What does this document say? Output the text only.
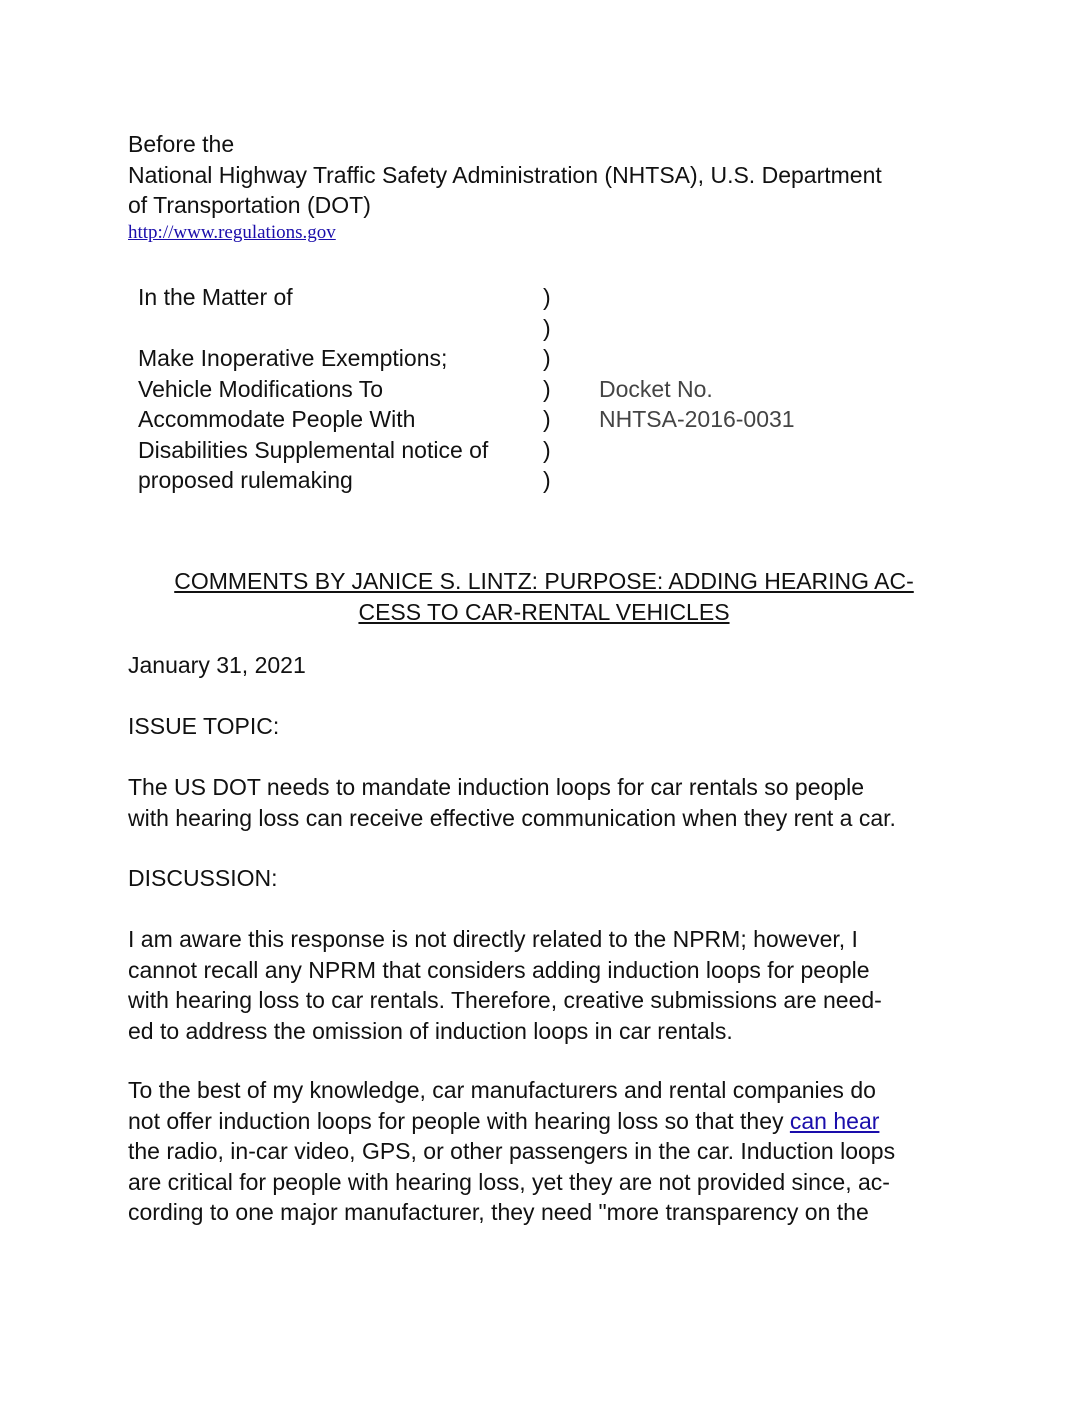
Before the
National Highway Traffic Safety Administration (NHTSA), U.S. Department
of Transportation (DOT)
http://www.regulations.gov
In the Matter of	)
)
Make Inoperative Exemptions;	)
Vehicle Modifications To	) Docket No.
Accommodate People With	) NHTSA-2016-0031
Disabilities Supplemental notice of )
proposed rulemaking	)
COMMENTS BY JANICE S. LINTZ: PURPOSE: ADDING HEARING AC-
CESS TO CAR-RENTAL VEHICLES
January 31, 2021
ISSUE TOPIC:
The US DOT needs to mandate induction loops for car rentals so people
with hearing loss can receive effective communication when they rent a car.
DISCUSSION:
I am aware this response is not directly related to the NPRM; however, I
cannot recall any NPRM that considers adding induction loops for people
with hearing loss to car rentals. Therefore, creative submissions are need-
ed to address the omission of induction loops in car rentals.
To the best of my knowledge, car manufacturers and rental companies do
not offer induction loops for people with hearing loss so that they can hear
the radio, in-car video, GPS, or other passengers in the car. Induction loops
are critical for people with hearing loss, yet they are not provided since, ac-
cording to one major manufacturer, they need "more transparency on the
